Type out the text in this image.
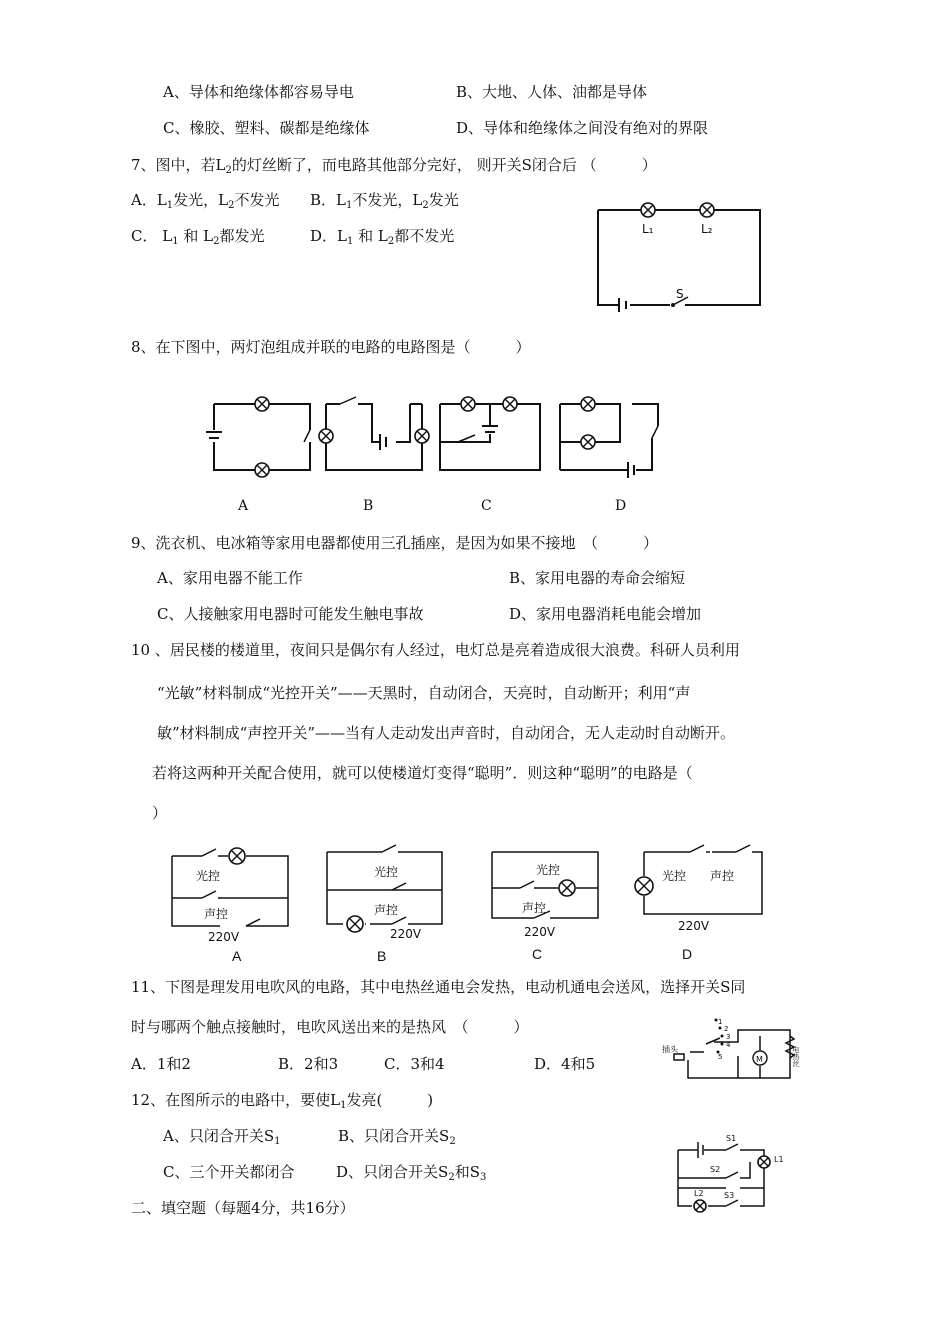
A、导体和绝缘体都容易导电	B、大地、人体、油都是导体
C、橡胶、塑料、碳都是绝缘体	D、导体和绝缘体之间没有绝对的界限
7、图中，若$L_2$的灯丝断了，而电路其他部分完好， 则开关S闭合后 （　　　）
A．$L_1$发光，$L_2$不发光 B．$L_1$不发光，$L_2$发光
C． $L_1$ 和 $L_2$都发光	D．$L_1$ 和 $L_2$都不发光	L₁	L₂
S
8、在下图中，两灯泡组成并联的电路的电路图是（　　　）
A	B	C	D
9、洗衣机、电冰箱等家用电器都使用三孔插座，是因为如果不接地　（　　　）
A、家用电器不能工作	B、家用电器的寿命会缩短
C、人接触家用电器时可能发生触电事故	D、家用电器消耗电能会增加
10 、居民楼的楼道里，夜间只是偶尔有人经过，电灯总是亮着造成很大浪费。科研人员利用
“光敏”材料制成“光控开关”——天黑时，自动闭合，天亮时，自动断开；利用“声
敏”材料制成“声控开关”——当有人走动发出声音时，自动闭合，无人走动时自动断开。
若将这两种开关配合使用，就可以使楼道灯变得“聪明”．则这种“聪明”的电路是（
）
光控
声控
220V
光控
声控
220V
光控
声控
220V
光控 声控
220V
A	B	C	D
11、下图是理发用电吹风的电路，其中电热丝通电会发热，电动机通电会送风，选择开关S同
时与哪两个触点接触时，电吹风送出来的是热风　（　　　）
A．1和2	B．2和3	C．3和4	D．4和5	M
1
2
3
4
5
插头	电热丝
12、在图所示的电路中，要使$L_1$发亮(　　　)
A、只闭合开关$S_1$	B、只闭合开关$S_2$
C、三个开关都闭合	D、只闭合开关$S_2$和$S_3$
S1
S2
S3
L1
L2
二、填空题（每题4分，共16分）
